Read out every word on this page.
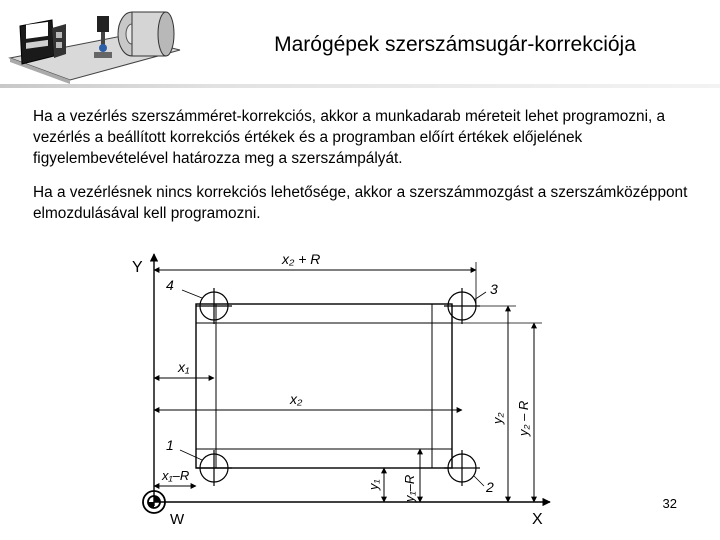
Marógépek szerszámsugár-korrekciója
Ha a vezérlés szerszámméret-korrekciós, akkor a munkadarab méreteit lehet programozni, a vezérlés a beállított korrekciós értékek és a programban előírt értékek előjelének figyelembevételével határozza meg a szerszámpályát.
Ha a vezérlésnek nincs korrekciós lehetősége, akkor a szerszámmozgást a szerszámközéppont elmozdulásával kell programozni.
Y
X
W
4	3
1
2
x₂ + R
x₁
x₂
x₁–R
y₁ y₁–R
y₂ y₂ – R
32
